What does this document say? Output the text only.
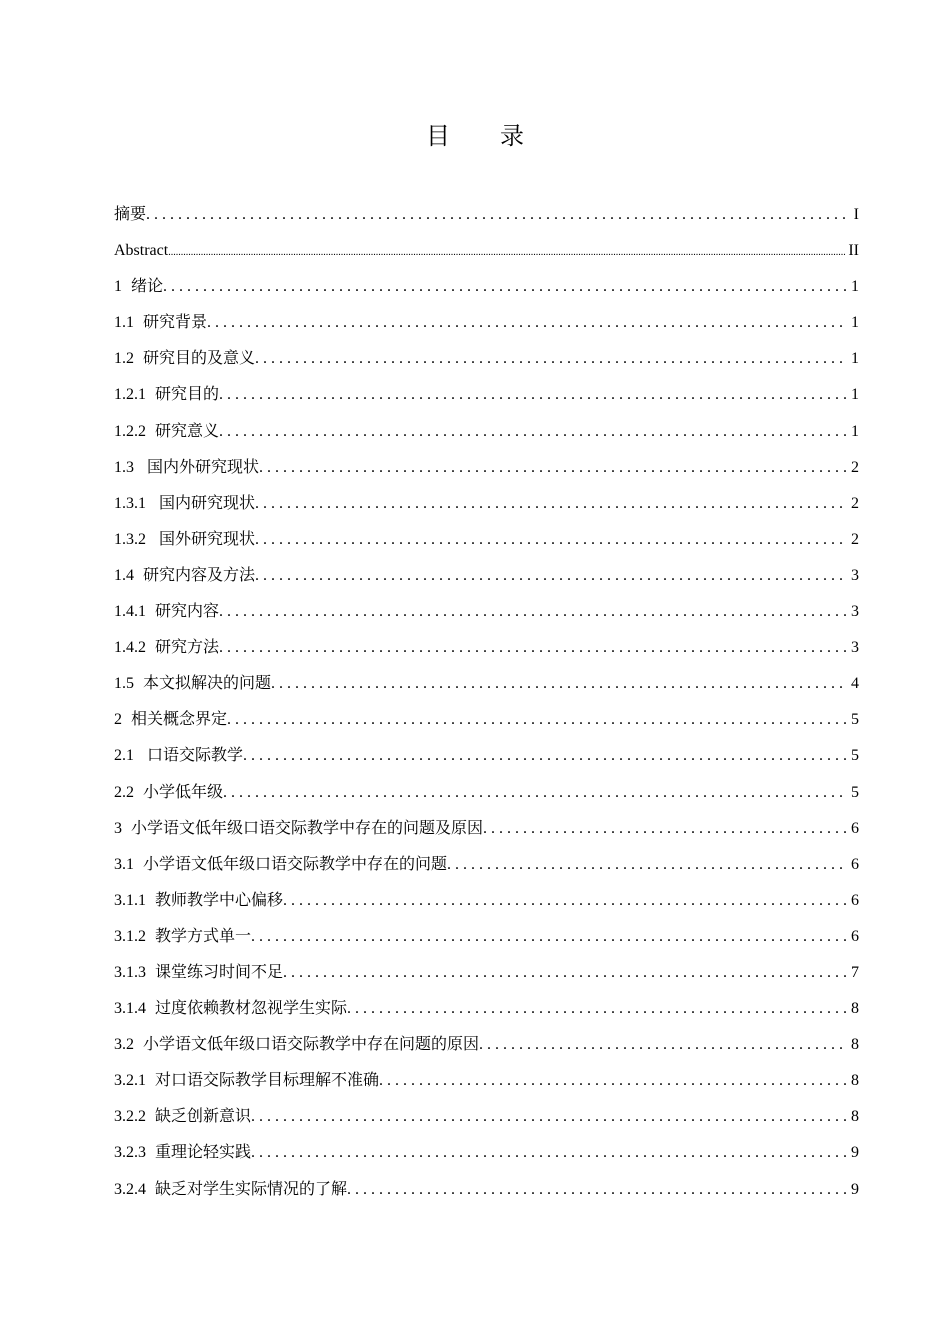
目 录
摘要 . . .	I
Abstract .....	II
1 绪论 . . .	1
1.1 研究背景 . . .	1
1.2 研究目的及意义 . . .	1
1.2.1 研究目的 . . .	1
1.2.2 研究意义 . . .	1
1.3 国内外研究现状 . . .	2
1.3.1 国内研究现状 . . .	2
1.3.2 国外研究现状 . . .	2
1.4 研究内容及方法 . . .	3
1.4.1 研究内容 . . .	3
1.4.2 研究方法 . . .	3
1.5 本文拟解决的问题 . . .	4
2 相关概念界定 . . .	5
2.1 口语交际教学 . . .	5
2.2 小学低年级 . . .	5
3 小学语文低年级口语交际教学中存在的问题及原因 . . .	6
3.1 小学语文低年级口语交际教学中存在的问题 . . .	6
3.1.1 教师教学中心偏移 . . .	6
3.1.2 教学方式单一 . . .	6
3.1.3 课堂练习时间不足 . . .	7
3.1.4 过度依赖教材忽视学生实际 . . .	8
3.2 小学语文低年级口语交际教学中存在问题的原因 . . .	8
3.2.1 对口语交际教学目标理解不准确 . . .	8
3.2.2 缺乏创新意识 . . .	8
3.2.3 重理论轻实践 . . .	9
3.2.4 缺乏对学生实际情况的了解 . . .	9
